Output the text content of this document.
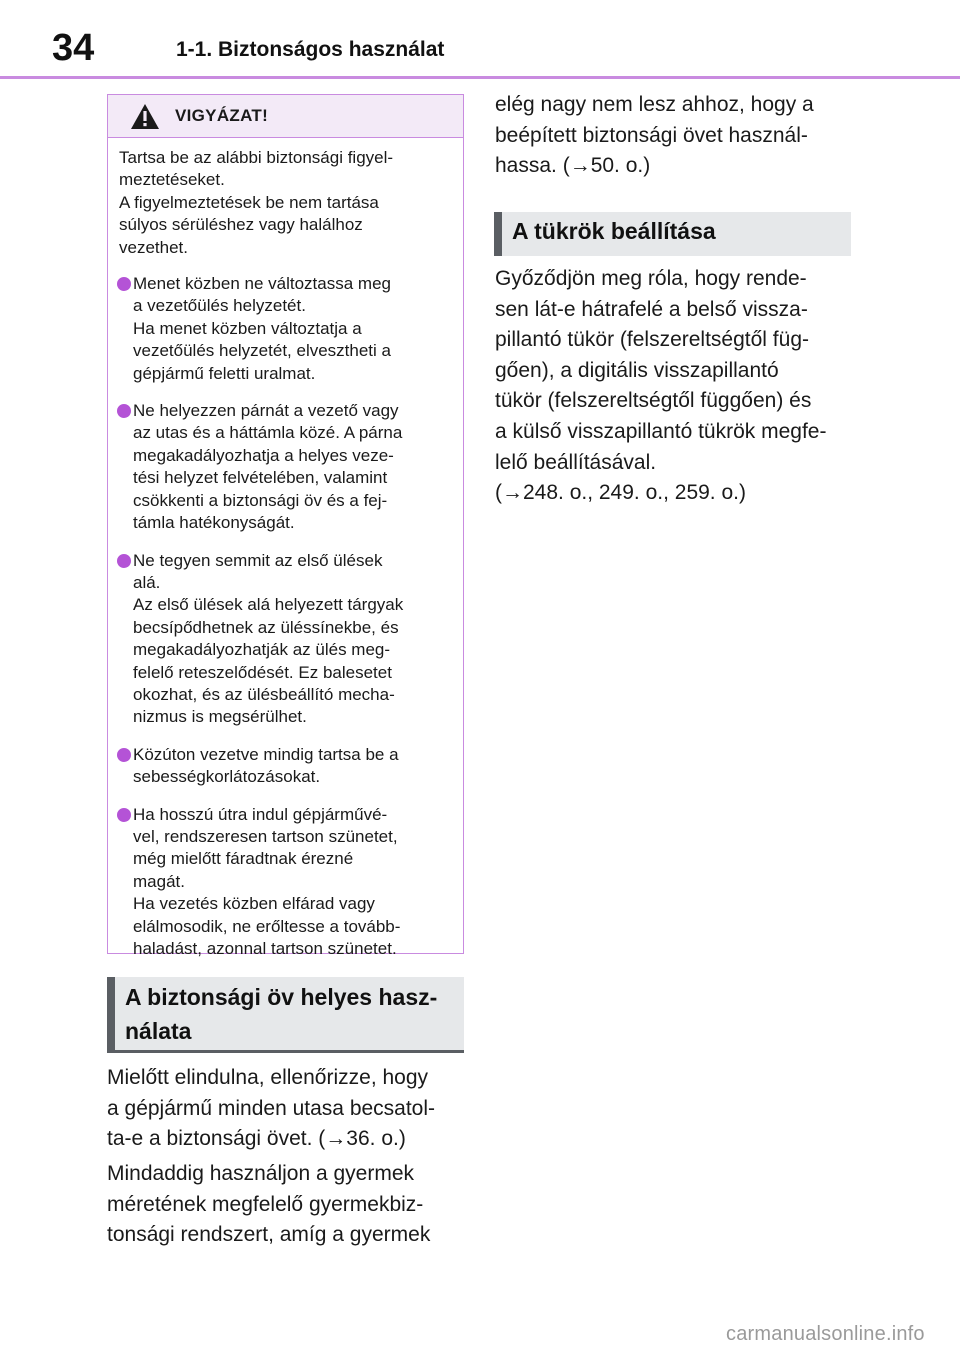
34	1-1. Biztonságos használat
VIGYÁZAT!
Tartsa be az alábbi biztonsági figyel-
meztetéseket.
A figyelmeztetések be nem tartása
súlyos sérüléshez vagy halálhoz
vezethet.
Menet közben ne változtassa meg
a vezetőülés helyzetét.
Ha menet közben változtatja a
vezetőülés helyzetét, elvesztheti a
gépjármű feletti uralmat.
Ne helyezzen párnát a vezető vagy
az utas és a háttámla közé. A párna
megakadályozhatja a helyes veze-
tési helyzet felvételében, valamint
csökkenti a biztonsági öv és a fej-
támla hatékonyságát.
Ne tegyen semmit az első ülések
alá.
Az első ülések alá helyezett tárgyak
becsípődhetnek az üléssínekbe, és
megakadályozhatják az ülés meg-
felelő reteszelődését. Ez balesetet
okozhat, és az ülésbeállító mecha-
nizmus is megsérülhet.
Közúton vezetve mindig tartsa be a
sebességkorlátozásokat.
Ha hosszú útra indul gépjárművé-
vel, rendszeresen tartson szünetet,
még mielőtt fáradtnak érezné
magát.
Ha vezetés közben elfárad vagy
elálmosodik, ne erőltesse a tovább-
haladást, azonnal tartson szünetet.
A biztonsági öv helyes hasz-
nálata
Mielőtt elindulna, ellenőrizze, hogy
a gépjármű minden utasa becsatol-
ta-e a biztonsági övet. (→36. o.)
Mindaddig használjon a gyermek
méretének megfelelő gyermekbiz-
tonsági rendszert, amíg a gyermek
elég nagy nem lesz ahhoz, hogy a
beépített biztonsági övet használ-
hassa. (→50. o.)
A tükrök beállítása
Győződjön meg róla, hogy rende-
sen lát-e hátrafelé a belső vissza-
pillantó tükör (felszereltségtől füg-
gően), a digitális visszapillantó
tükör (felszereltségtől függően) és
a külső visszapillantó tükrök megfe-
lelő beállításával.
(→248. o., 249. o., 259. o.)
carmanualsonline.info
